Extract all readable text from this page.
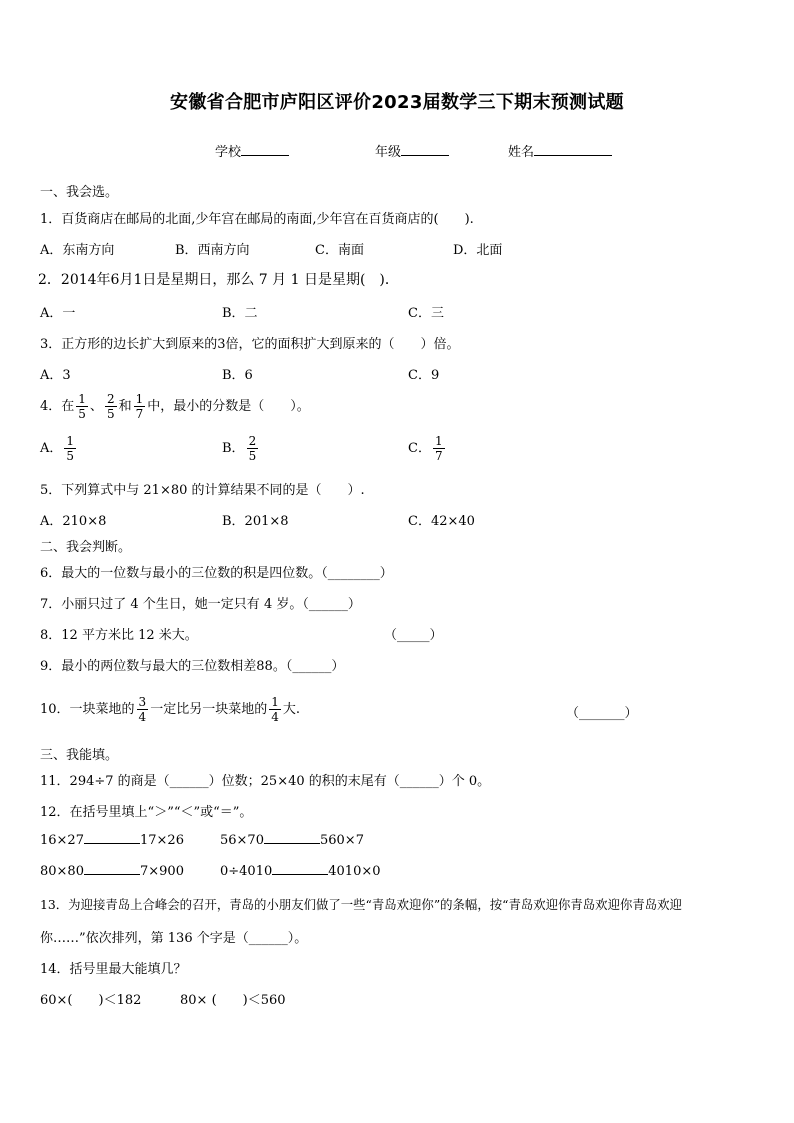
安徽省合肥市庐阳区评价2023届数学三下期末预测试题
学校	年级	姓名
一、我会选。
1．百货商店在邮局的北面,少年宫在邮局的南面,少年宫在百货商店的(　　).
A．东南方向	B．西南方向	C．南面	D．北面
2．2014年6月1日是星期日，那么 7 月 1 日是星期(　)．
A．一	B．二	C．三
3．正方形的边长扩大到原来的3倍，它的面积扩大到原来的（　　）倍。
A．3	B．6	C．9
4．在 $\frac{1}{5}$ 、 $\frac{2}{5}$ 和 $\frac{1}{7}$ 中，最小的分数是（　　）。
A． $\frac{1}{5}$	B． $\frac{2}{5}$	C． $\frac{1}{7}$
5．下列算式中与 21×80 的计算结果不同的是（　　）.
A．210×8	B．201×8	C．42×40
二、我会判断。
6．最大的一位数与最小的三位数的积是四位数。（________）
7．小丽只过了 4 个生日，她一定只有 4 岁。（______）
8．12 平方米比 12 米大。	（_____）
9．最小的两位数与最大的三位数相差88。（______）
10．一块菜地的 $\frac{3}{4}$ 一定比另一块菜地的 $\frac{1}{4}$ 大.	（_______）
三、我能填。
11．294÷7 的商是（______）位数；25×40 的积的末尾有（______）个 0。
12．在括号里填上“＞”“＜”或“＝”。
16×27	17×26	56×70	560×7
80×80	7×900	0÷4010	4010×0
13．为迎接青岛上合峰会的召开，青岛的小朋友们做了一些“青岛欢迎你”的条幅，按“青岛欢迎你青岛欢迎你青岛欢迎
你……”依次排列，第 136 个字是（______）。
14．括号里最大能填几？
60×(　　)＜182	80× (　　)＜560
